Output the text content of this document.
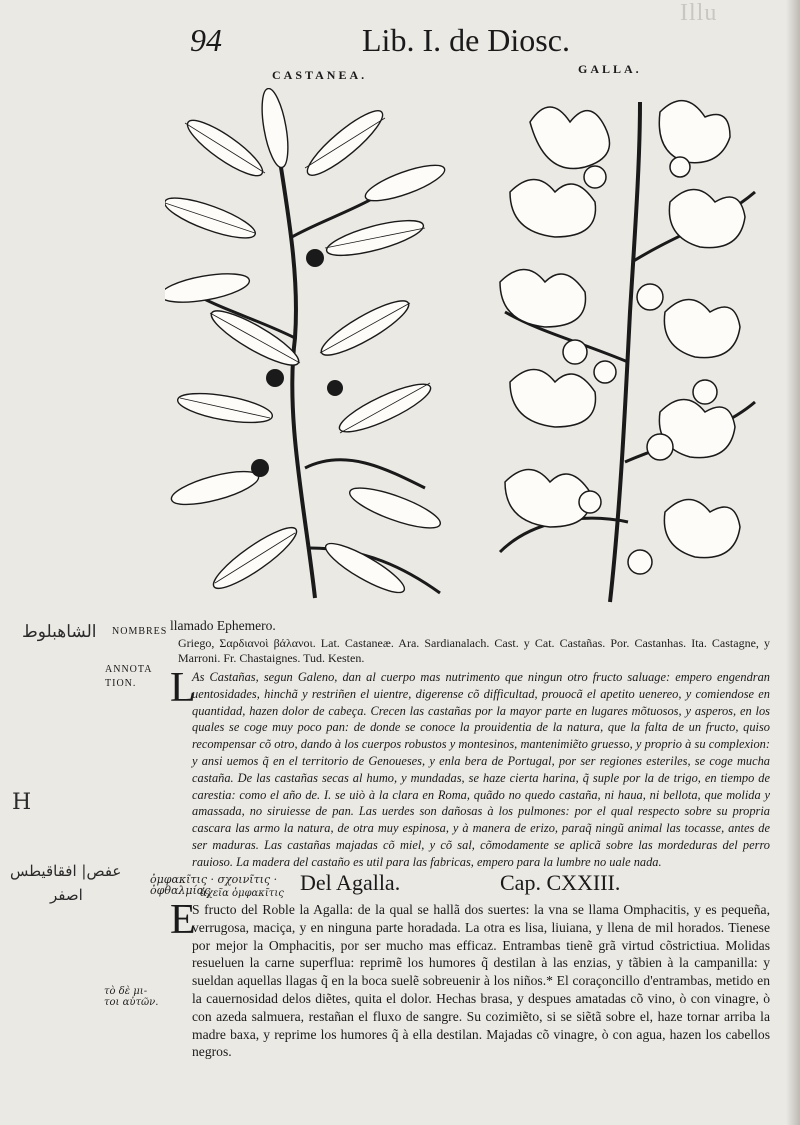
Illu
94	Lib. I. de Diosc.
CASTANEA.	GALLA.
NOMBRES
ANNOTA TION.
الشاهبلوط
H
عفص| افقاقيطس
اصفر
τὸ δὲ μι- τοι αὐτῶν.
llamado Ephemero.
Griego, Σαρδιανοὶ βάλανοι. Lat. Castaneæ. Ara. Sardianalach. Cast. y Cat. Castañas. Por. Castanhas. Ita. Castagne, y Marroni. Fr. Chastaignes. Tud. Kesten.
L
As Castañas, segun Galeno, dan al cuerpo mas nutrimento que ningun otro fructo saluage: empero engendran uentosidades, hinchã y restriñen el uientre, digerense cõ difficultad, prouocã el apetito uenereo, y comiendose en quantidad, hazen dolor de cabeça. Crecen las castañas por la mayor parte en lugares mõtuosos, y asperos, en los quales se coge muy poco pan: de donde se conoce la prouidentia de la natura, que la falta de un fructo, quiso recompensar cõ otro, dando à los cuerpos robustos y montesinos, mantenimiẽto gruesso, y proprio à su complexion: y ansi uemos q̃ en el territorio de Genoueses, y enla bera de Portugal, por ser regiones esteriles, se coge mucha castaña. De las castañas secas al humo, y mundadas, se haze cierta harina, q̃ suple por la de trigo, en tiempo de carestia: como el año de. I. se uiò à la clara en Roma, quãdo no quedo castaña, ni haua, ni bellota, que molida y amassada, no siruiesse de pan. Las uerdes son dañosas à los pulmones: por el qual respecto sobre su propria cascara las armo la natura, de otra muy espinosa, y à manera de erizo, paraq̃ ningũ animal las tocasse, antes de ser maduras. Las castañas majadas cõ miel, y cõ sal, cõmodamente se aplicã sobre las mordeduras del perro rauioso. La madera del castaño es util para las fabricas, empero para la lumbre no uale nada.
ὀμφακῖτις · σχοινῖτις · ὀφθαλμίας
ἀχεῖα ὀμφακῖτις Del Agalla.	Cap. CXXIII.
E
S fructo del Roble la Agalla: de la qual se hallã dos suertes: la vna se llama Omphacitis, y es pequeña, verrugosa, maciça, y en ninguna parte horadada. La otra es lisa, liuiana, y llena de mil horados. Tienese por mejor la Omphacitis, por ser mucho mas efficaz. Entrambas tienẽ grã virtud cõstrictiua. Molidas resueluen la carne superflua: reprimẽ los humores q̃ destilan à las enzias, y tãbien à la campanilla: y sueldan aquellas llagas q̃ en la boca suelẽ sobreuenir à los niños.* El coraçoncillo d'entrambas, metido en la cauernosidad delos diẽtes, quita el dolor. Hechas brasa, y despues amatadas cõ vino, ò con vinagre, ò con azeda salmuera, restañan el fluxo de sangre. Su cozimiẽto, si se siẽtã sobre el, haze tornar arriba la madre baxa, y reprime los humores q̃ à ella destilan. Majadas cõ vinagre, ò con agua, hazen los cabellos negros.
